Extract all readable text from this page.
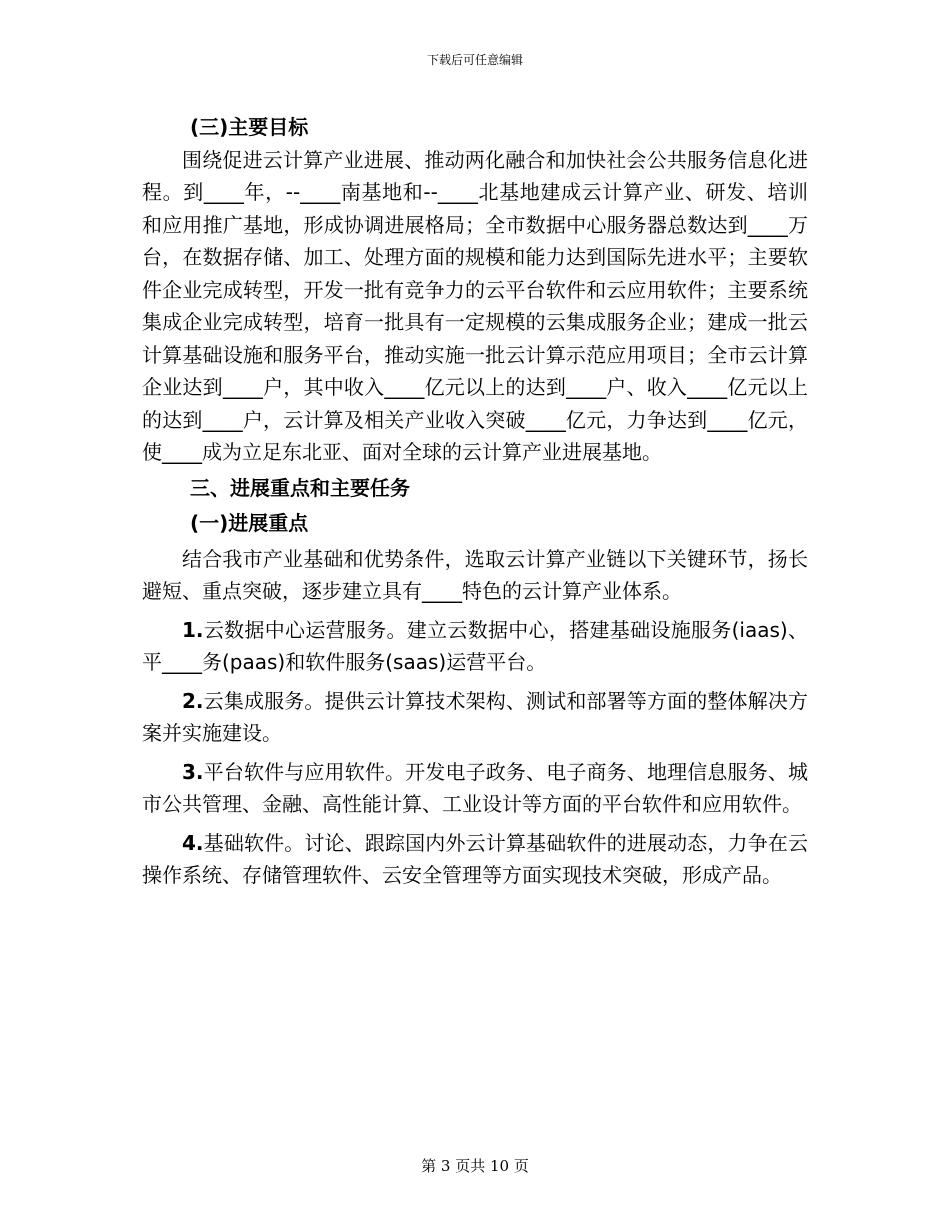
下载后可任意编辑

(三)主要目标

围绕促进云计算产业进展、推动两化融合和加快社会公共服务信息化进程。到____年，--____南基地和--____北基地建成云计算产业、研发、培训和应用推广基地，形成协调进展格局；全市数据中心服务器总数达到____万台，在数据存储、加工、处理方面的规模和能力达到国际先进水平；主要软件企业完成转型，开发一批有竞争力的云平台软件和云应用软件；主要系统集成企业完成转型，培育一批具有一定规模的云集成服务企业；建成一批云计算基础设施和服务平台，推动实施一批云计算示范应用项目；全市云计算企业达到____户，其中收入____亿元以上的达到____户、收入____亿元以上的达到____户，云计算及相关产业收入突破____亿元，力争达到____亿元，使____成为立足东北亚、面对全球的云计算产业进展基地。

三、进展重点和主要任务

(一)进展重点

结合我市产业基础和优势条件，选取云计算产业链以下关键环节，扬长避短、重点突破，逐步建立具有____特色的云计算产业体系。

1.云数据中心运营服务。建立云数据中心，搭建基础设施服务(iaas)、平____务(paas)和软件服务(saas)运营平台。

2.云集成服务。提供云计算技术架构、测试和部署等方面的整体解决方案并实施建设。

3.平台软件与应用软件。开发电子政务、电子商务、地理信息服务、城市公共管理、金融、高性能计算、工业设计等方面的平台软件和应用软件。

4.基础软件。讨论、跟踪国内外云计算基础软件的进展动态，力争在云操作系统、存储管理软件、云安全管理等方面实现技术突破，形成产品。

第 3 页共 10 页
